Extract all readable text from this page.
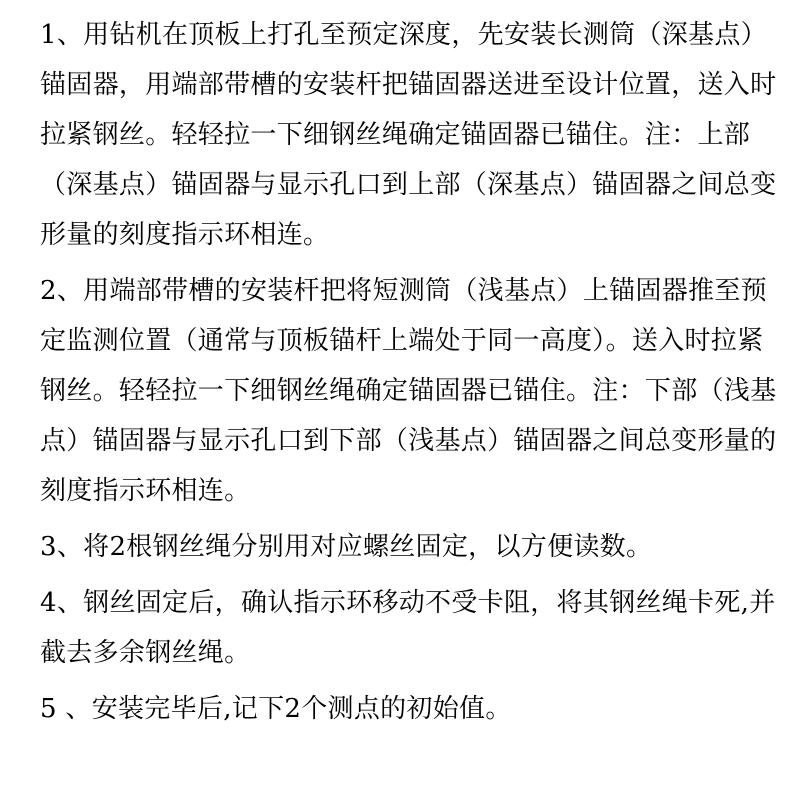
1、用钻机在顶板上打孔至预定深度，先安装长测筒（深基点）

锚固器，用端部带槽的安装杆把锚固器送进至设计位置，送入时

拉紧钢丝。轻轻拉一下细钢丝绳确定锚固器已锚住。注：上部

（深基点）锚固器与显示孔口到上部（深基点）锚固器之间总变

形量的刻度指示环相连。

2、用端部带槽的安装杆把将短测筒（浅基点）上锚固器推至预

定监测位置（通常与顶板锚杆上端处于同一高度）。送入时拉紧

钢丝。轻轻拉一下细钢丝绳确定锚固器已锚住。注：下部（浅基

点）锚固器与显示孔口到下部（浅基点）锚固器之间总变形量的

刻度指示环相连。

3、将2根钢丝绳分别用对应螺丝固定，以方便读数。

4、钢丝固定后，确认指示环移动不受卡阻，将其钢丝绳卡死,并

截去多余钢丝绳。

5 、安装完毕后,记下2个测点的初始值。
